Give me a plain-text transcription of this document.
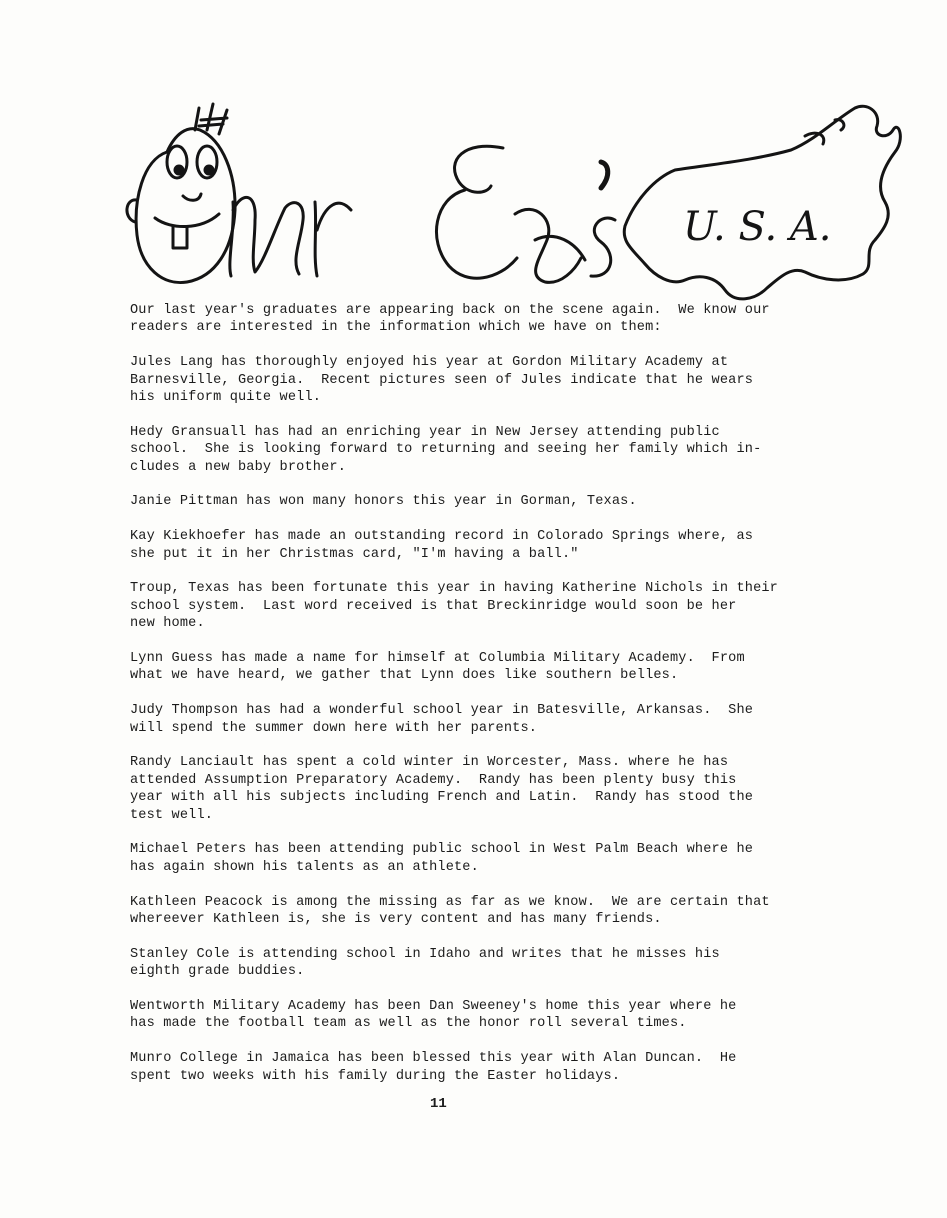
U. S. A.

Our last year's graduates are appearing back on the scene again.  We know our
readers are interested in the information which we have on them:

Jules Lang has thoroughly enjoyed his year at Gordon Military Academy at
Barnesville, Georgia.  Recent pictures seen of Jules indicate that he wears
his uniform quite well.

Hedy Gransuall has had an enriching year in New Jersey attending public
school.  She is looking forward to returning and seeing her family which in-
cludes a new baby brother.

Janie Pittman has won many honors this year in Gorman, Texas.

Kay Kiekhoefer has made an outstanding record in Colorado Springs where, as
she put it in her Christmas card, "I'm having a ball."

Troup, Texas has been fortunate this year in having Katherine Nichols in their
school system.  Last word received is that Breckinridge would soon be her
new home.

Lynn Guess has made a name for himself at Columbia Military Academy.  From
what we have heard, we gather that Lynn does like southern belles.

Judy Thompson has had a wonderful school year in Batesville, Arkansas.  She
will spend the summer down here with her parents.

Randy Lanciault has spent a cold winter in Worcester, Mass. where he has
attended Assumption Preparatory Academy.  Randy has been plenty busy this
year with all his subjects including French and Latin.  Randy has stood the
test well.

Michael Peters has been attending public school in West Palm Beach where he
has again shown his talents as an athlete.

Kathleen Peacock is among the missing as far as we know.  We are certain that
whereever Kathleen is, she is very content and has many friends.

Stanley Cole is attending school in Idaho and writes that he misses his
eighth grade buddies.

Wentworth Military Academy has been Dan Sweeney's home this year where he
has made the football team as well as the honor roll several times.

Munro College in Jamaica has been blessed this year with Alan Duncan.  He
spent two weeks with his family during the Easter holidays.

11
